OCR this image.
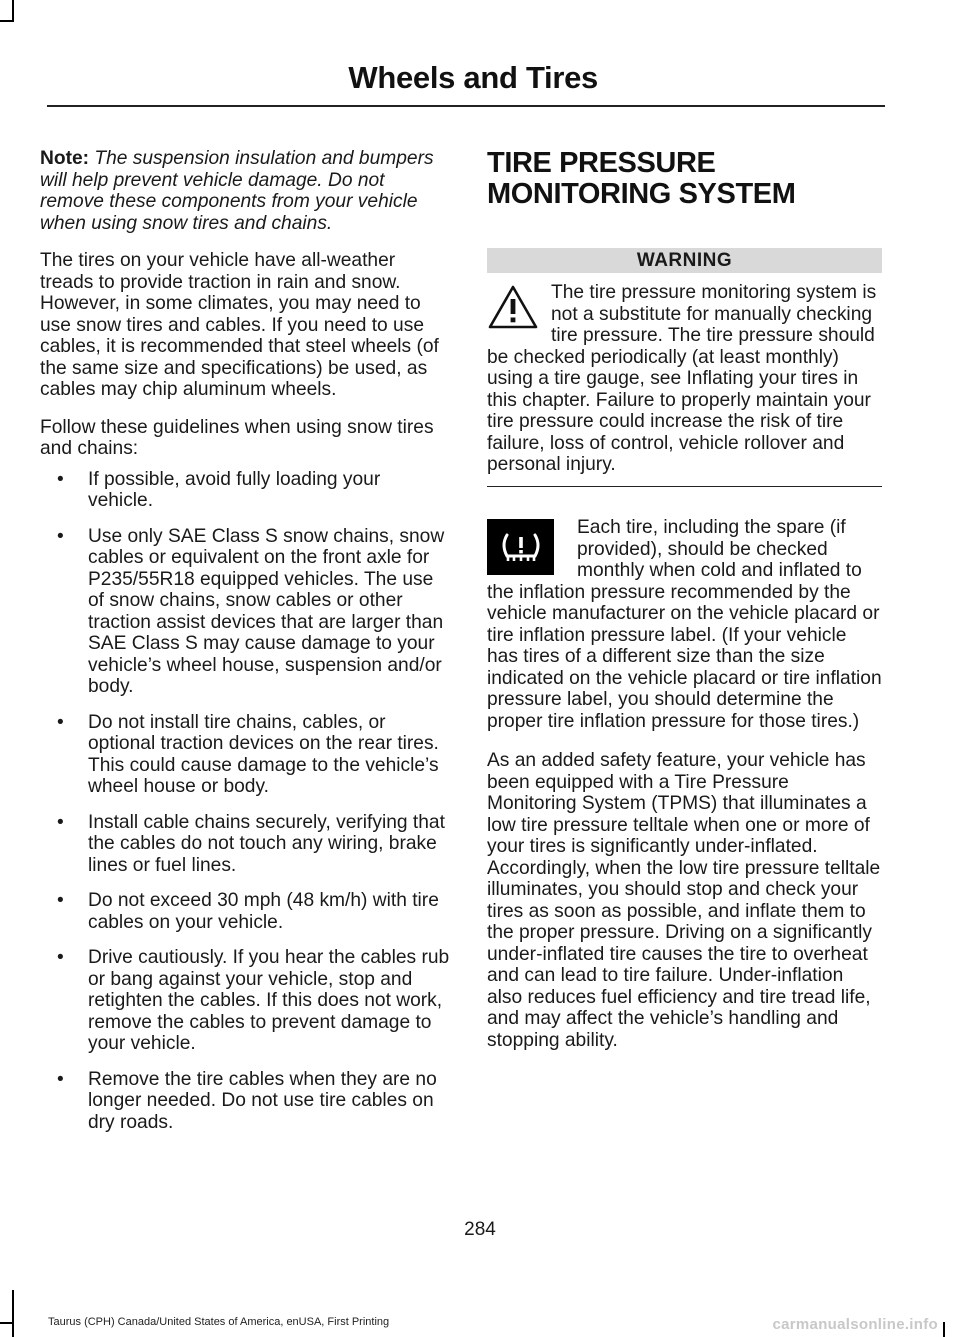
Wheels and Tires

Note: The suspension insulation and bumpers will help prevent vehicle damage. Do not remove these components from your vehicle when using snow tires and chains.

The tires on your vehicle have all-weather treads to provide traction in rain and snow. However, in some climates, you may need to use snow tires and cables. If you need to use cables, it is recommended that steel wheels (of the same size and specifications) be used, as cables may chip aluminum wheels.

Follow these guidelines when using snow tires and chains:

• If possible, avoid fully loading your vehicle.
• Use only SAE Class S snow chains, snow cables or equivalent on the front axle for P235/55R18 equipped vehicles. The use of snow chains, snow cables or other traction assist devices that are larger than SAE Class S may cause damage to your vehicle’s wheel house, suspension and/or body.
• Do not install tire chains, cables, or optional traction devices on the rear tires. This could cause damage to the vehicle’s wheel house or body.
• Install cable chains securely, verifying that the cables do not touch any wiring, brake lines or fuel lines.
• Do not exceed 30 mph (48 km/h) with tire cables on your vehicle.
• Drive cautiously. If you hear the cables rub or bang against your vehicle, stop and retighten the cables. If this does not work, remove the cables to prevent damage to your vehicle.
• Remove the tire cables when they are no longer needed. Do not use tire cables on dry roads.
TIRE PRESSURE MONITORING SYSTEM
WARNING
The tire pressure monitoring system is not a substitute for manually checking tire pressure. The tire pressure should be checked periodically (at least monthly) using a tire gauge, see Inflating your tires in this chapter. Failure to properly maintain your tire pressure could increase the risk of tire failure, loss of control, vehicle rollover and personal injury.
Each tire, including the spare (if provided), should be checked monthly when cold and inflated to the inflation pressure recommended by the vehicle manufacturer on the vehicle placard or tire inflation pressure label. (If your vehicle has tires of a different size than the size indicated on the vehicle placard or tire inflation pressure label, you should determine the proper tire inflation pressure for those tires.)

As an added safety feature, your vehicle has been equipped with a Tire Pressure Monitoring System (TPMS) that illuminates a low tire pressure telltale when one or more of your tires is significantly under-inflated. Accordingly, when the low tire pressure telltale illuminates, you should stop and check your tires as soon as possible, and inflate them to the proper pressure. Driving on a significantly under-inflated tire causes the tire to overheat and can lead to tire failure. Under-inflation also reduces fuel efficiency and tire tread life, and may affect the vehicle’s handling and stopping ability.

284
Taurus (CPH) Canada/United States of America, enUSA, First Printing	carmanualsonline.info
